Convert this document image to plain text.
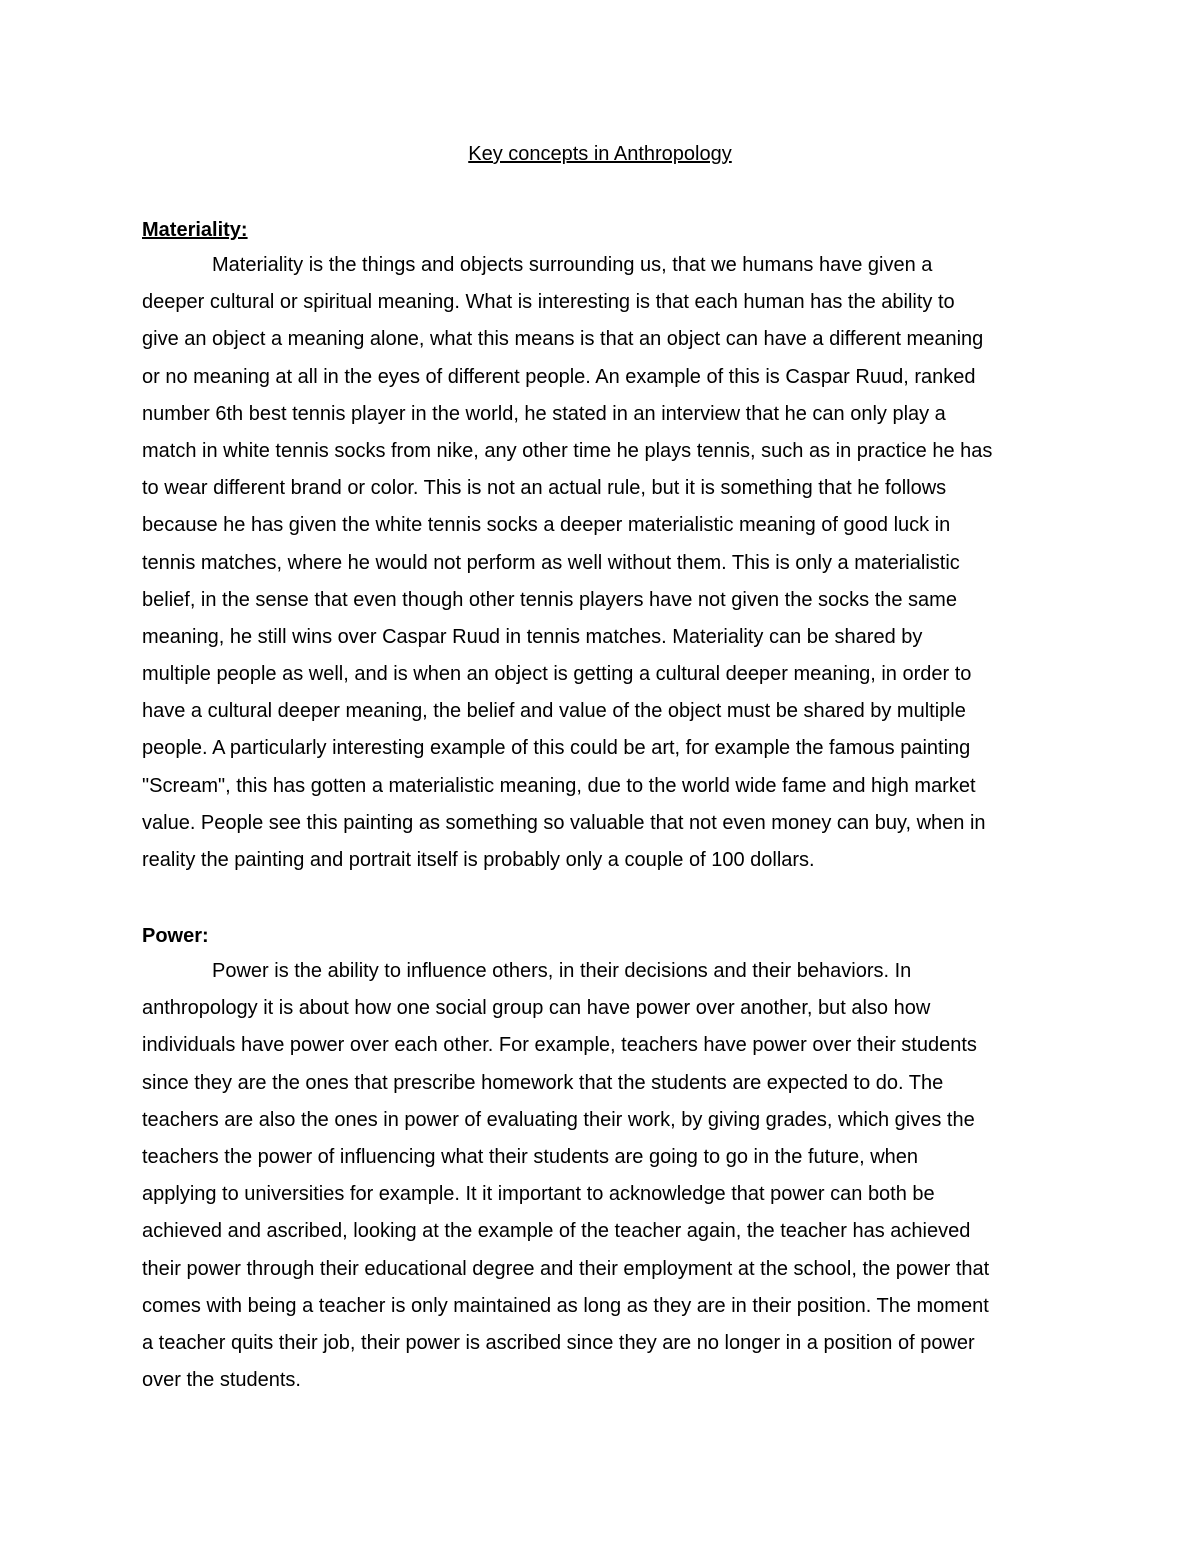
Key concepts in Anthropology
Materiality:
Materiality is the things and objects surrounding us, that we humans have given a
deeper cultural or spiritual meaning. What is interesting is that each human has the ability to
give an object a meaning alone, what this means is that an object can have a different meaning
or no meaning at all in the eyes of different people. An example of this is Caspar Ruud, ranked
number 6th best tennis player in the world, he stated in an interview that he can only play a
match in white tennis socks from nike, any other time he plays tennis, such as in practice he has
to wear different brand or color. This is not an actual rule, but it is something that he follows
because he has given the white tennis socks a deeper materialistic meaning of good luck in
tennis matches, where he would not perform as well without them. This is only a materialistic
belief, in the sense that even though other tennis players have not given the socks the same
meaning, he still wins over Caspar Ruud in tennis matches. Materiality can be shared by
multiple people as well, and is when an object is getting a cultural deeper meaning, in order to
have a cultural deeper meaning, the belief and value of the object must be shared by multiple
people. A particularly interesting example of this could be art, for example the famous painting
"Scream", this has gotten a materialistic meaning, due to the world wide fame and high market
value. People see this painting as something so valuable that not even money can buy, when in
reality the painting and portrait itself is probably only a couple of 100 dollars.
Power:
Power is the ability to influence others, in their decisions and their behaviors. In
anthropology it is about how one social group can have power over another, but also how
individuals have power over each other. For example, teachers have power over their students
since they are the ones that prescribe homework that the students are expected to do. The
teachers are also the ones in power of evaluating their work, by giving grades, which gives the
teachers the power of influencing what their students are going to go in the future, when
applying to universities for example. It it important to acknowledge that power can both be
achieved and ascribed, looking at the example of the teacher again, the teacher has achieved
their power through their educational degree and their employment at the school, the power that
comes with being a teacher is only maintained as long as they are in their position. The moment
a teacher quits their job, their power is ascribed since they are no longer in a position of power
over the students.
